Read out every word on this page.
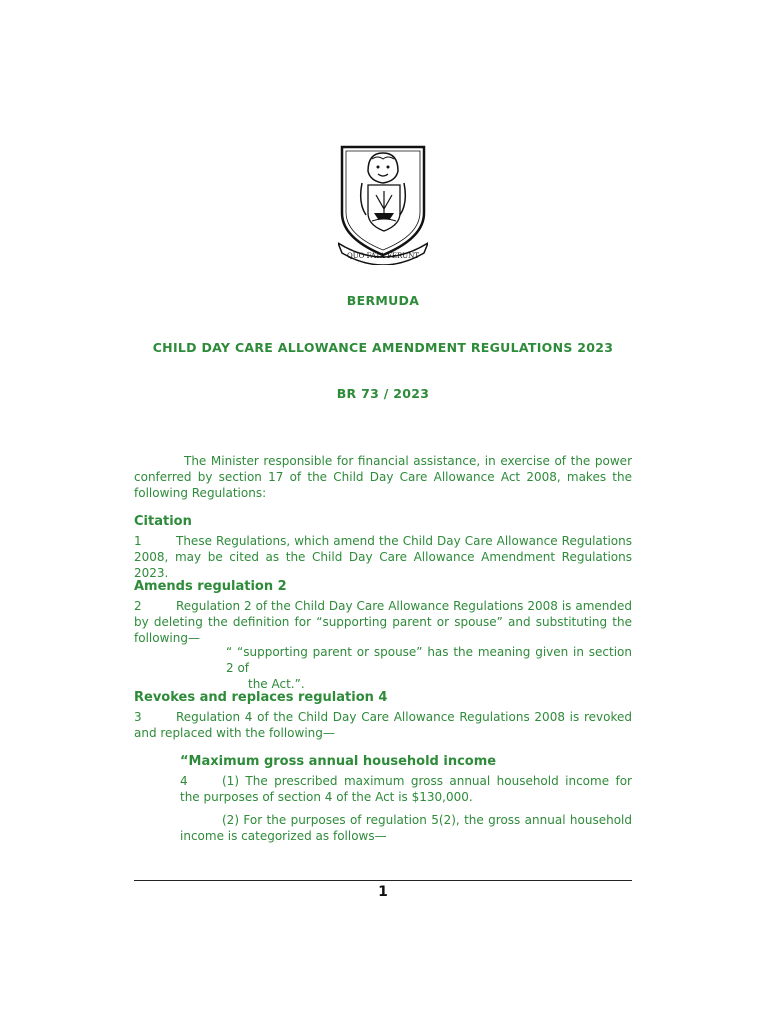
QUO FATA FERUNT
BERMUDA
CHILD DAY CARE ALLOWANCE AMENDMENT REGULATIONS 2023
BR 73 / 2023
The Minister responsible for financial assistance, in exercise of the power conferred by section 17 of the Child Day Care Allowance Act 2008, makes the following Regulations:
Citation
1	These Regulations, which amend the Child Day Care Allowance Regulations 2008, may be cited as the Child Day Care Allowance Amendment Regulations 2023.
Amends regulation 2
2	Regulation 2 of the Child Day Care Allowance Regulations 2008 is amended by deleting the definition for “supporting parent or spouse” and substituting the following—
“ “supporting parent or spouse” has the meaning given in section 2 of
the Act.”.
Revokes and replaces regulation 4
3	Regulation 4 of the Child Day Care Allowance Regulations 2008 is revoked and replaced with the following—
“Maximum gross annual household income
4	(1) The prescribed maximum gross annual household income for the purposes of section 4 of the Act is $130,000.
(2) For the purposes of regulation 5(2), the gross annual household income is categorized as follows—
1
